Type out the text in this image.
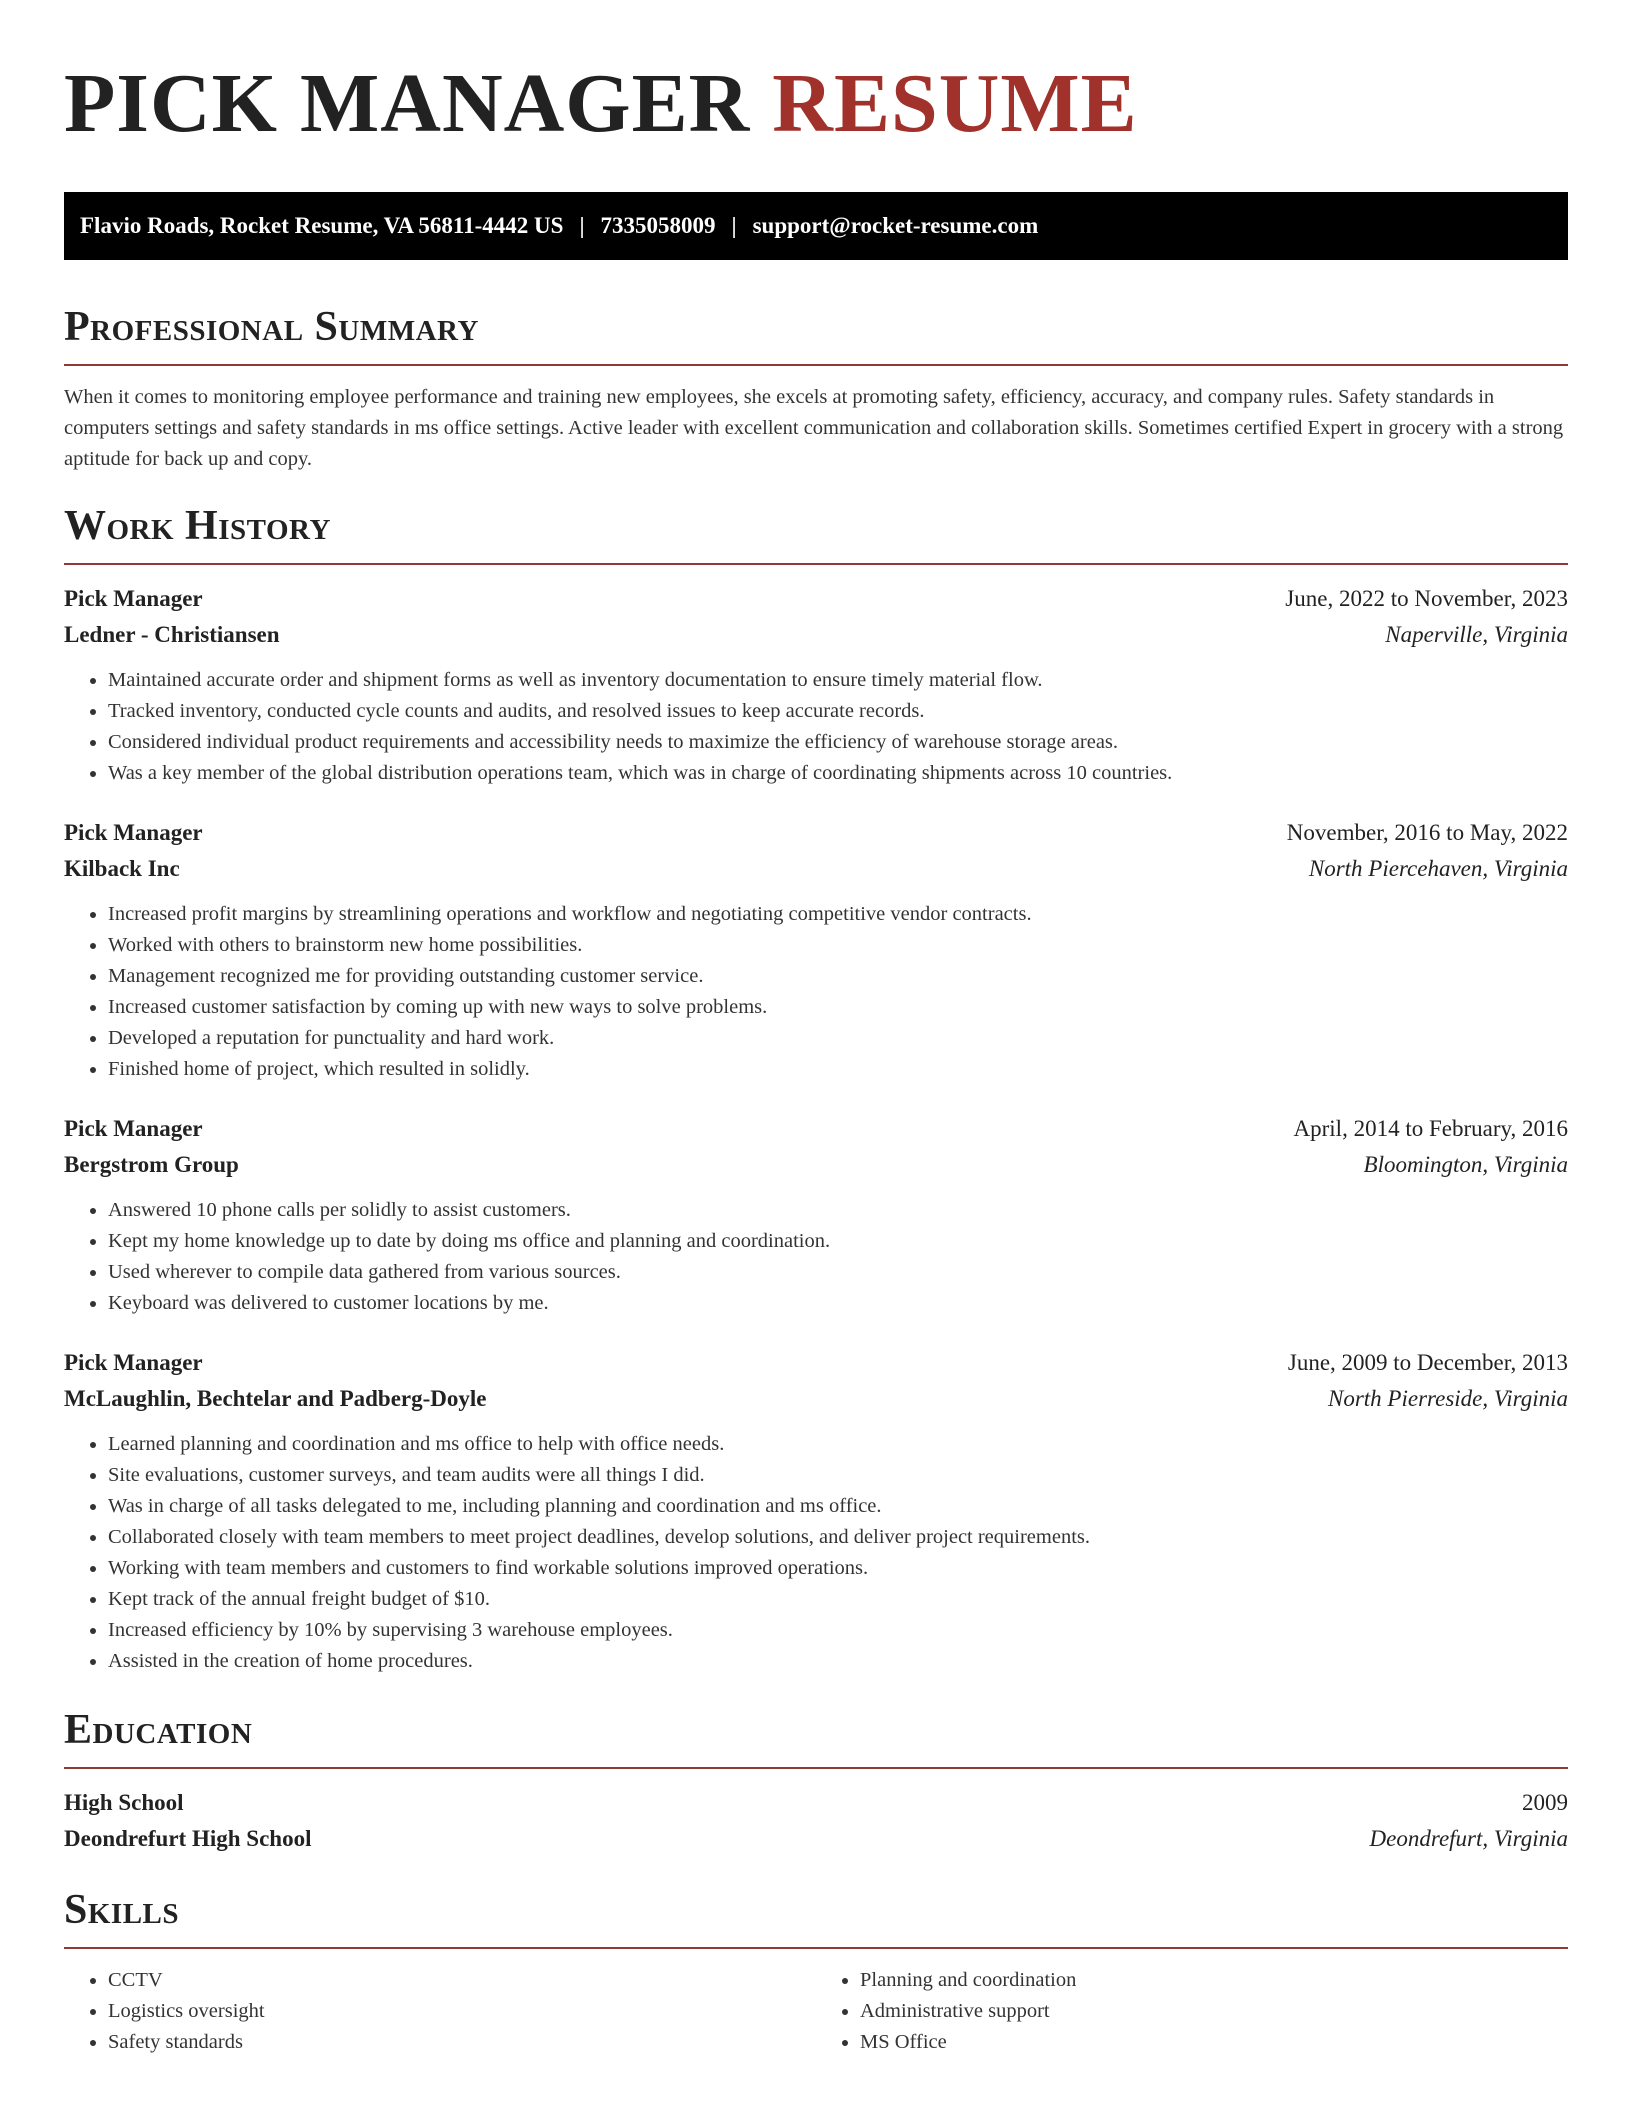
PICK MANAGER RESUME
Flavio Roads, Rocket Resume, VA 56811-4442 US | 7335058009 | support@rocket-resume.com
Professional Summary
When it comes to monitoring employee performance and training new employees, she excels at promoting safety, efficiency, accuracy, and company rules. Safety standards in computers settings and safety standards in ms office settings. Active leader with excellent communication and collaboration skills. Sometimes certified Expert in grocery with a strong aptitude for back up and copy.
Work History
Pick Manager	June, 2022 to November, 2023
Ledner - Christiansen	Naperville, Virginia
• Maintained accurate order and shipment forms as well as inventory documentation to ensure timely material flow.
• Tracked inventory, conducted cycle counts and audits, and resolved issues to keep accurate records.
• Considered individual product requirements and accessibility needs to maximize the efficiency of warehouse storage areas.
• Was a key member of the global distribution operations team, which was in charge of coordinating shipments across 10 countries.
Pick Manager	November, 2016 to May, 2022
Kilback Inc	North Piercehaven, Virginia
• Increased profit margins by streamlining operations and workflow and negotiating competitive vendor contracts.
• Worked with others to brainstorm new home possibilities.
• Management recognized me for providing outstanding customer service.
• Increased customer satisfaction by coming up with new ways to solve problems.
• Developed a reputation for punctuality and hard work.
• Finished home of project, which resulted in solidly.
Pick Manager	April, 2014 to February, 2016
Bergstrom Group	Bloomington, Virginia
• Answered 10 phone calls per solidly to assist customers.
• Kept my home knowledge up to date by doing ms office and planning and coordination.
• Used wherever to compile data gathered from various sources.
• Keyboard was delivered to customer locations by me.
Pick Manager	June, 2009 to December, 2013
McLaughlin, Bechtelar and Padberg-Doyle	North Pierreside, Virginia
• Learned planning and coordination and ms office to help with office needs.
• Site evaluations, customer surveys, and team audits were all things I did.
• Was in charge of all tasks delegated to me, including planning and coordination and ms office.
• Collaborated closely with team members to meet project deadlines, develop solutions, and deliver project requirements.
• Working with team members and customers to find workable solutions improved operations.
• Kept track of the annual freight budget of $10.
• Increased efficiency by 10% by supervising 3 warehouse employees.
• Assisted in the creation of home procedures.
Education
High School	2009
Deondrefurt High School	Deondrefurt, Virginia
Skills
• CCTV
• Logistics oversight
• Safety standards
• Planning and coordination
• Administrative support
• MS Office
